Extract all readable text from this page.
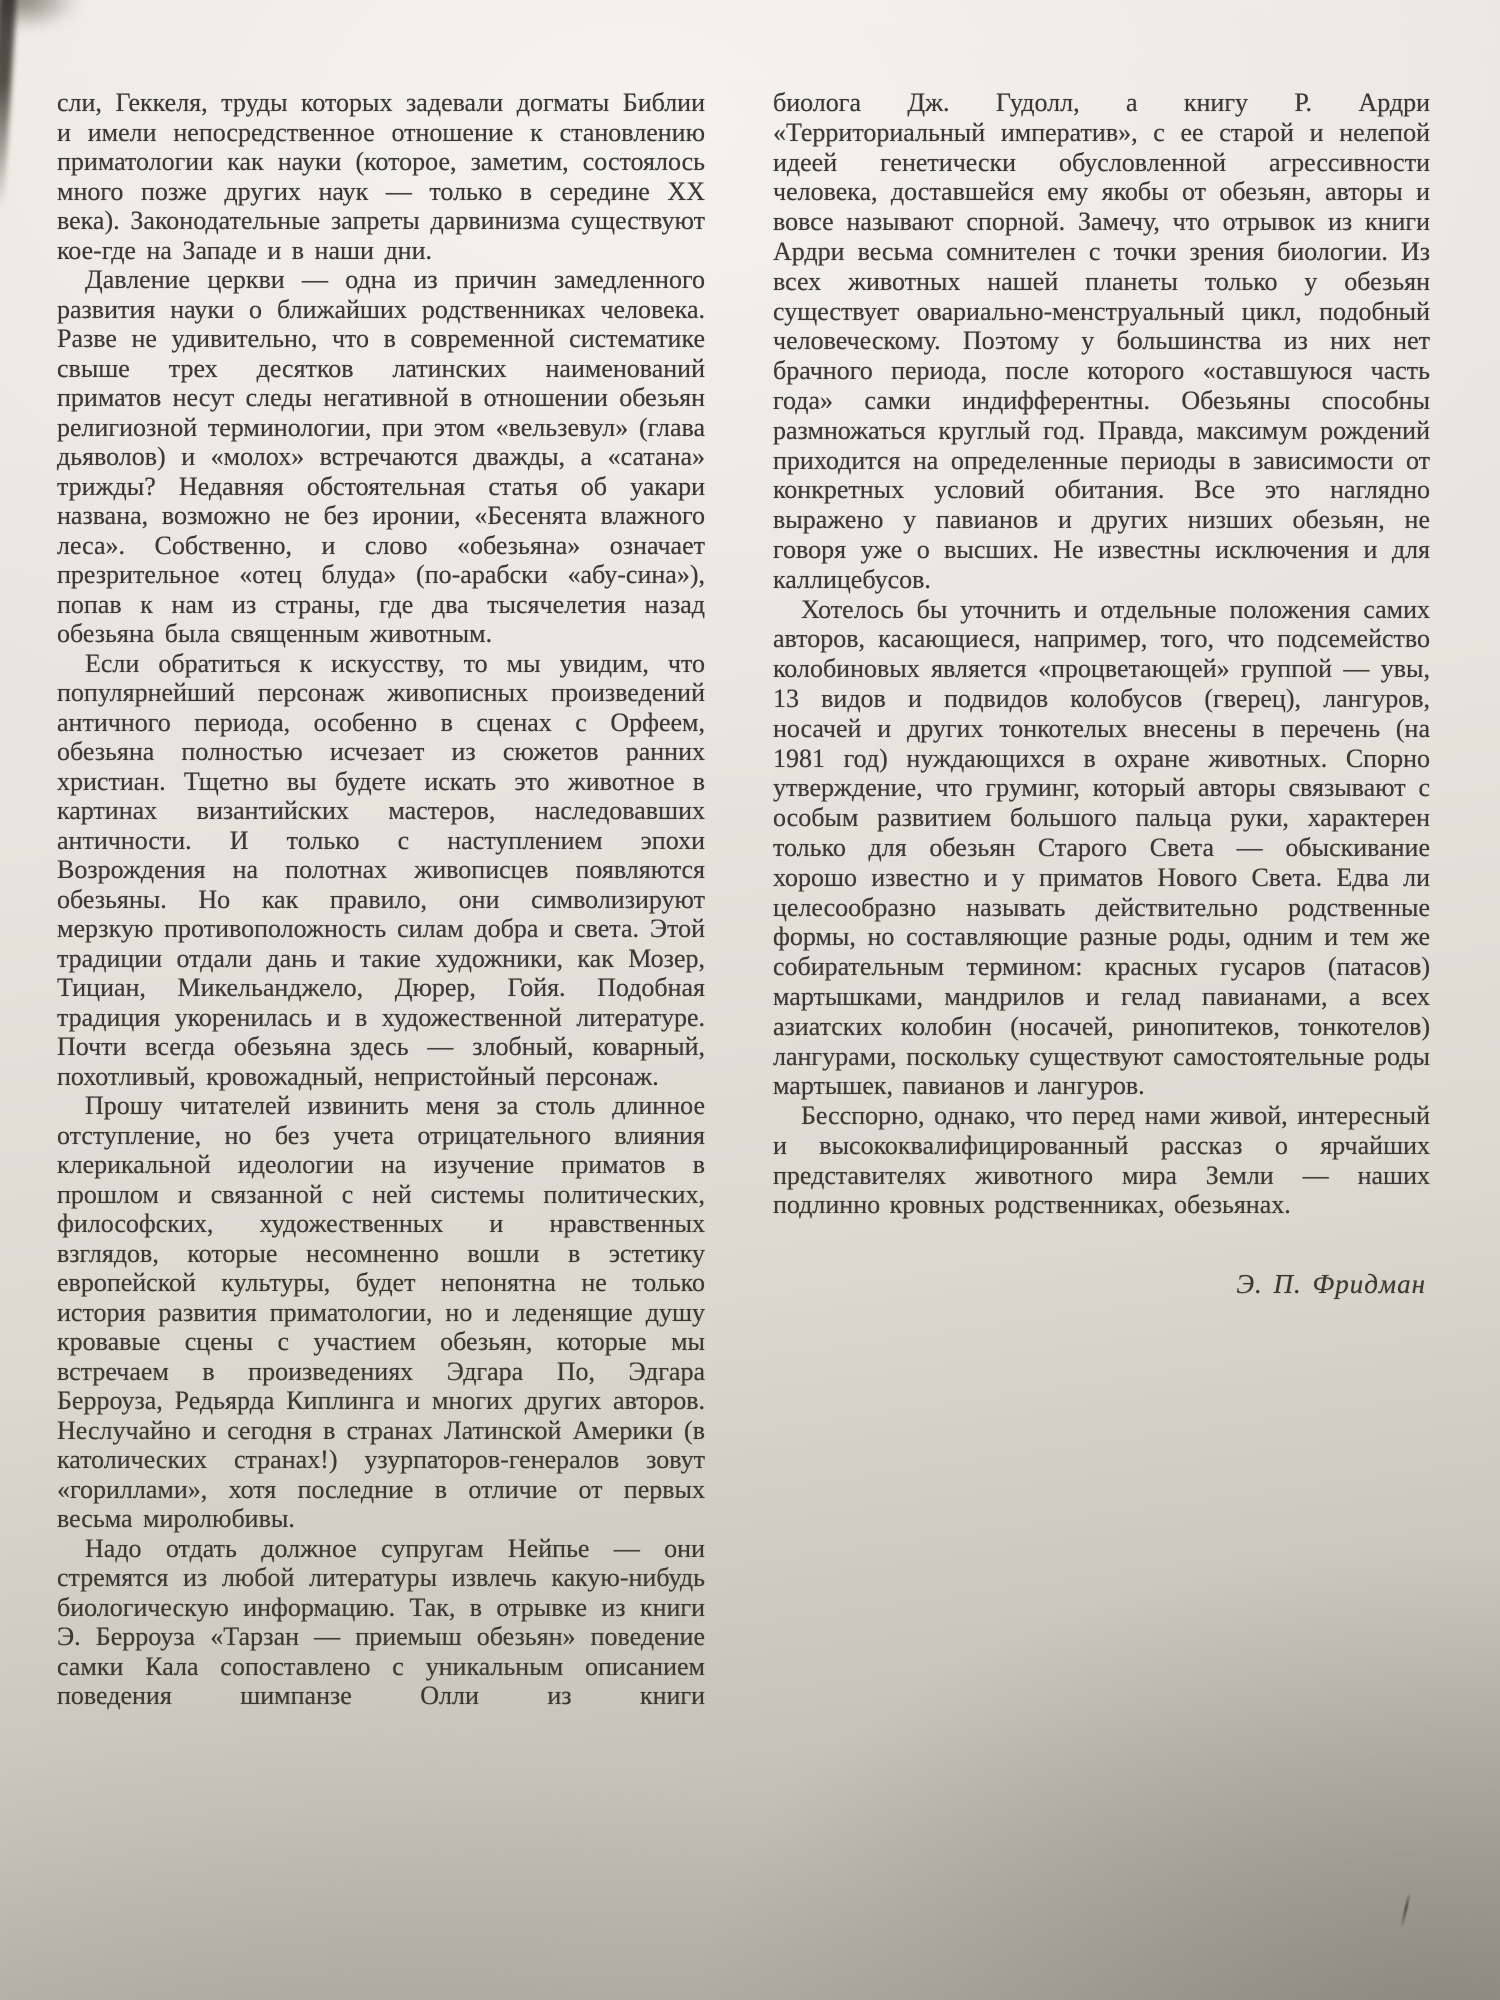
сли, Геккеля, труды которых задевали догматы Библии и имели непосредственное отношение к становлению приматологии как науки (которое, заметим, состоялось много позже других наук — только в середине XX века). Законодательные запреты дарвинизма существуют кое-где на Западе и в наши дни.

Давление церкви — одна из причин замедленного развития науки о ближайших родственниках человека. Разве не удивительно, что в современной систематике свыше трех десятков латинских наименований приматов несут следы негативной в отношении обезьян религиозной терминологии, при этом «вельзевул» (глава дьяволов) и «молох» встречаются дважды, а «сатана» трижды? Недавняя обстоятельная статья об уакари названа, возможно не без иронии, «Бесенята влажного леса». Собственно, и слово «обезьяна» означает презрительное «отец блуда» (по-арабски «абу-сина»), попав к нам из страны, где два тысячелетия назад обезьяна была священным животным.

Если обратиться к искусству, то мы увидим, что популярнейший персонаж живописных произведений античного периода, особенно в сценах с Орфеем, обезьяна полностью исчезает из сюжетов ранних христиан. Тщетно вы будете искать это животное в картинах византийских мастеров, наследовавших античности. И только с наступлением эпохи Возрождения на полотнах живописцев появляются обезьяны. Но как правило, они символизируют мерзкую противоположность силам добра и света. Этой традиции отдали дань и такие художники, как Мозер, Тициан, Микельанджело, Дюрер, Гойя. Подобная традиция укоренилась и в художественной литературе. Почти всегда обезьяна здесь — злобный, коварный, похотливый, кровожадный, непристойный персонаж.

Прошу читателей извинить меня за столь длинное отступление, но без учета отрицательного влияния клерикальной идеологии на изучение приматов в прошлом и связанной с ней системы политических, философских, художественных и нравственных взглядов, которые несомненно вошли в эстетику европейской культуры, будет непонятна не только история развития приматологии, но и леденящие душу кровавые сцены с участием обезьян, которые мы встречаем в произведениях Эдгара По, Эдгара Берроуза, Редьярда Киплинга и многих других авторов. Неслучайно и сегодня в странах Латинской Америки (в католических странах!) узурпаторов-генералов зовут «гориллами», хотя последние в отличие от первых весьма миролюбивы.

Надо отдать должное супругам Нейпье — они стремятся из любой литературы извлечь какую-нибудь биологическую информацию. Так, в отрывке из книги Э. Берроуза «Тарзан — приемыш обезьян» поведение самки Кала сопоставлено с уникальным описанием поведения шимпанзе Олли из книги

биолога Дж. Гудолл, а книгу Р. Ардри «Территориальный императив», с ее старой и нелепой идеей генетически обусловленной агрессивности человека, доставшейся ему якобы от обезьян, авторы и вовсе называют спорной. Замечу, что отрывок из книги Ардри весьма сомнителен с точки зрения биологии. Из всех животных нашей планеты только у обезьян существует овариально-менструальный цикл, подобный человеческому. Поэтому у большинства из них нет брачного периода, после которого «оставшуюся часть года» самки индифферентны. Обезьяны способны размножаться круглый год. Правда, максимум рождений приходится на определенные периоды в зависимости от конкретных условий обитания. Все это наглядно выражено у павианов и других низших обезьян, не говоря уже о высших. Не известны исключения и для каллицебусов.

Хотелось бы уточнить и отдельные положения самих авторов, касающиеся, например, того, что подсемейство колобиновых является «процветающей» группой — увы, 13 видов и подвидов колобусов (гверец), лангуров, носачей и других тонкотелых внесены в перечень (на 1981 год) нуждающихся в охране животных. Спорно утверждение, что груминг, который авторы связывают с особым развитием большого пальца руки, характерен только для обезьян Старого Света — обыскивание хорошо известно и у приматов Нового Света. Едва ли целесообразно называть действительно родственные формы, но составляющие разные роды, одним и тем же собирательным термином: красных гусаров (патасов) мартышками, мандрилов и гелад павианами, а всех азиатских колобин (носачей, ринопитеков, тонкотелов) лангурами, поскольку существуют самостоятельные роды мартышек, павианов и лангуров.

Бесспорно, однако, что перед нами живой, интересный и высококвалифицированный рассказ о ярчайших представителях животного мира Земли — наших подлинно кровных родственниках, обезьянах.

Э. П. Фридман
